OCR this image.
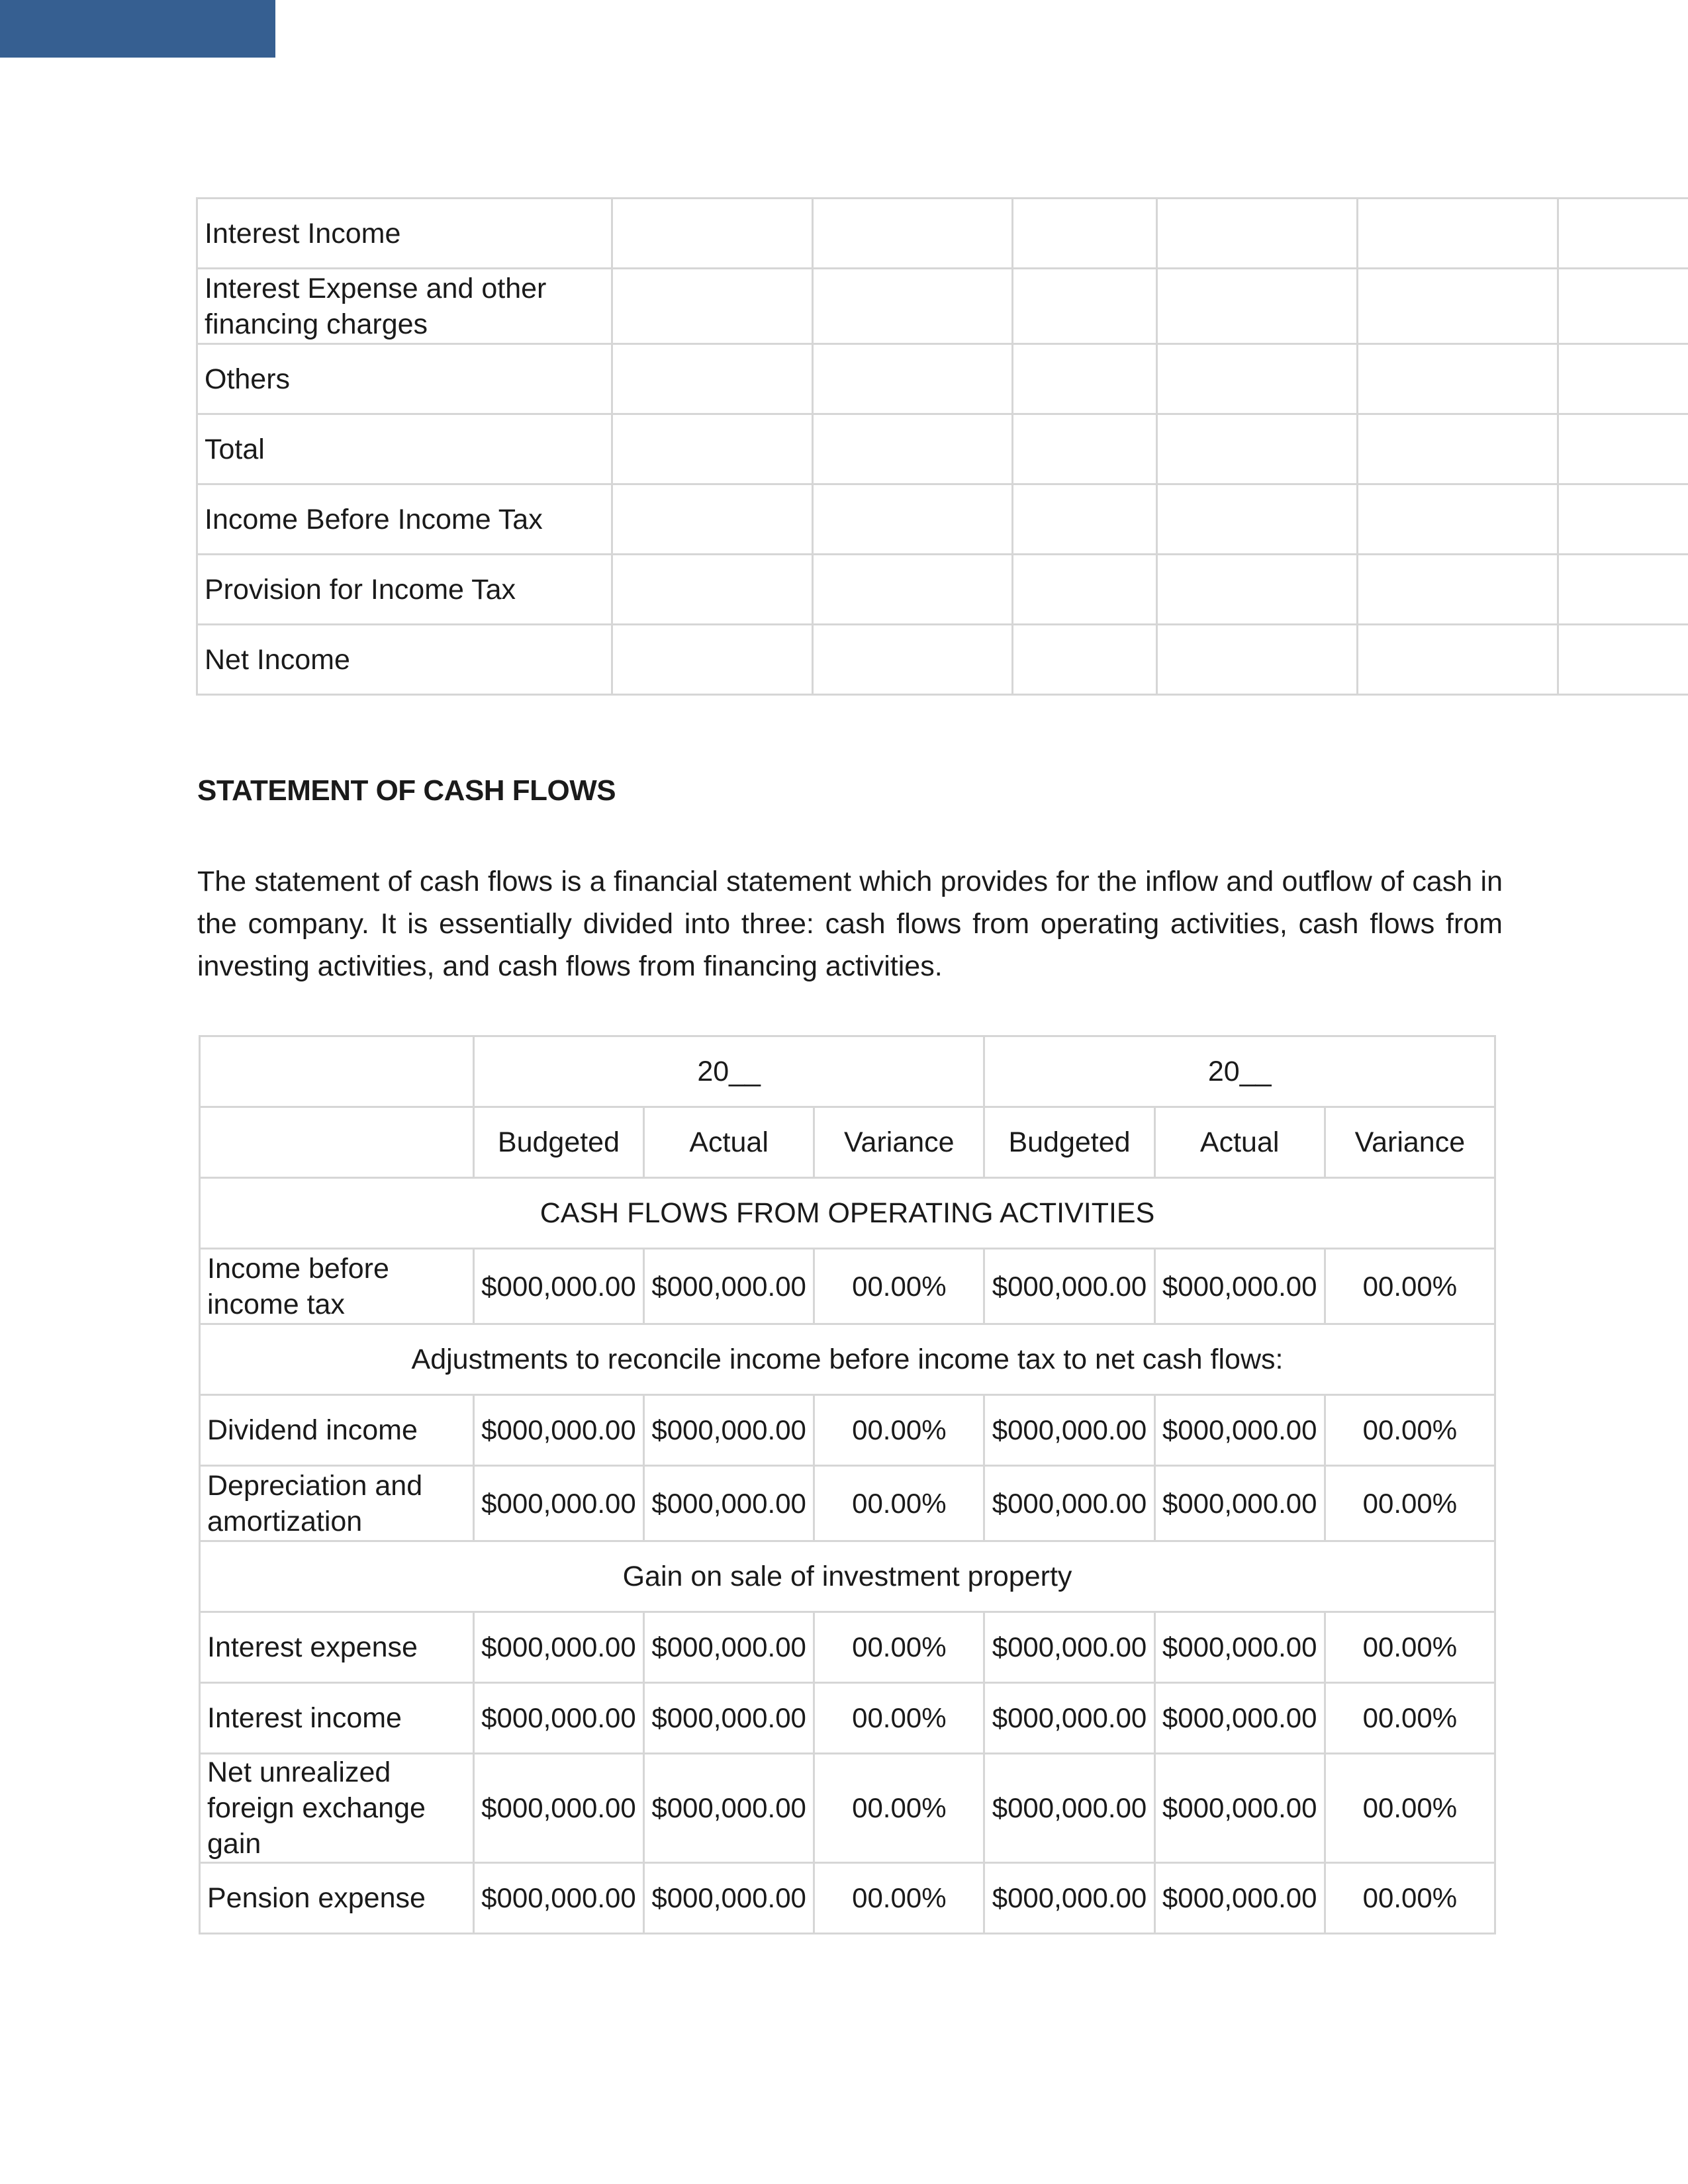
Interest Income						
Interest Expense and other financing charges						
Others						
Total						
Income Before Income Tax						
Provision for Income Tax						
Net Income						
STATEMENT OF CASH FLOWS
The statement of cash flows is a financial statement which provides for the inflow and outflow of cash in the company. It is essentially divided into three: cash flows from operating activities, cash flows from investing activities, and cash flows from financing activities.
	20__			20__		
	Budgeted	Actual	Variance	Budgeted	Actual	Variance
CASH FLOWS FROM OPERATING ACTIVITIES						
Income before income tax	$000,000.00	$000,000.00	00.00%	$000,000.00	$000,000.00	00.00%
Adjustments to reconcile income before income tax to net cash flows:						
Dividend income	$000,000.00	$000,000.00	00.00%	$000,000.00	$000,000.00	00.00%
Depreciation and amortization	$000,000.00	$000,000.00	00.00%	$000,000.00	$000,000.00	00.00%
Gain on sale of investment property						
Interest expense	$000,000.00	$000,000.00	00.00%	$000,000.00	$000,000.00	00.00%
Interest income	$000,000.00	$000,000.00	00.00%	$000,000.00	$000,000.00	00.00%
Net unrealized foreign exchange gain	$000,000.00	$000,000.00	00.00%	$000,000.00	$000,000.00	00.00%
Pension expense	$000,000.00	$000,000.00	00.00%	$000,000.00	$000,000.00	00.00%
